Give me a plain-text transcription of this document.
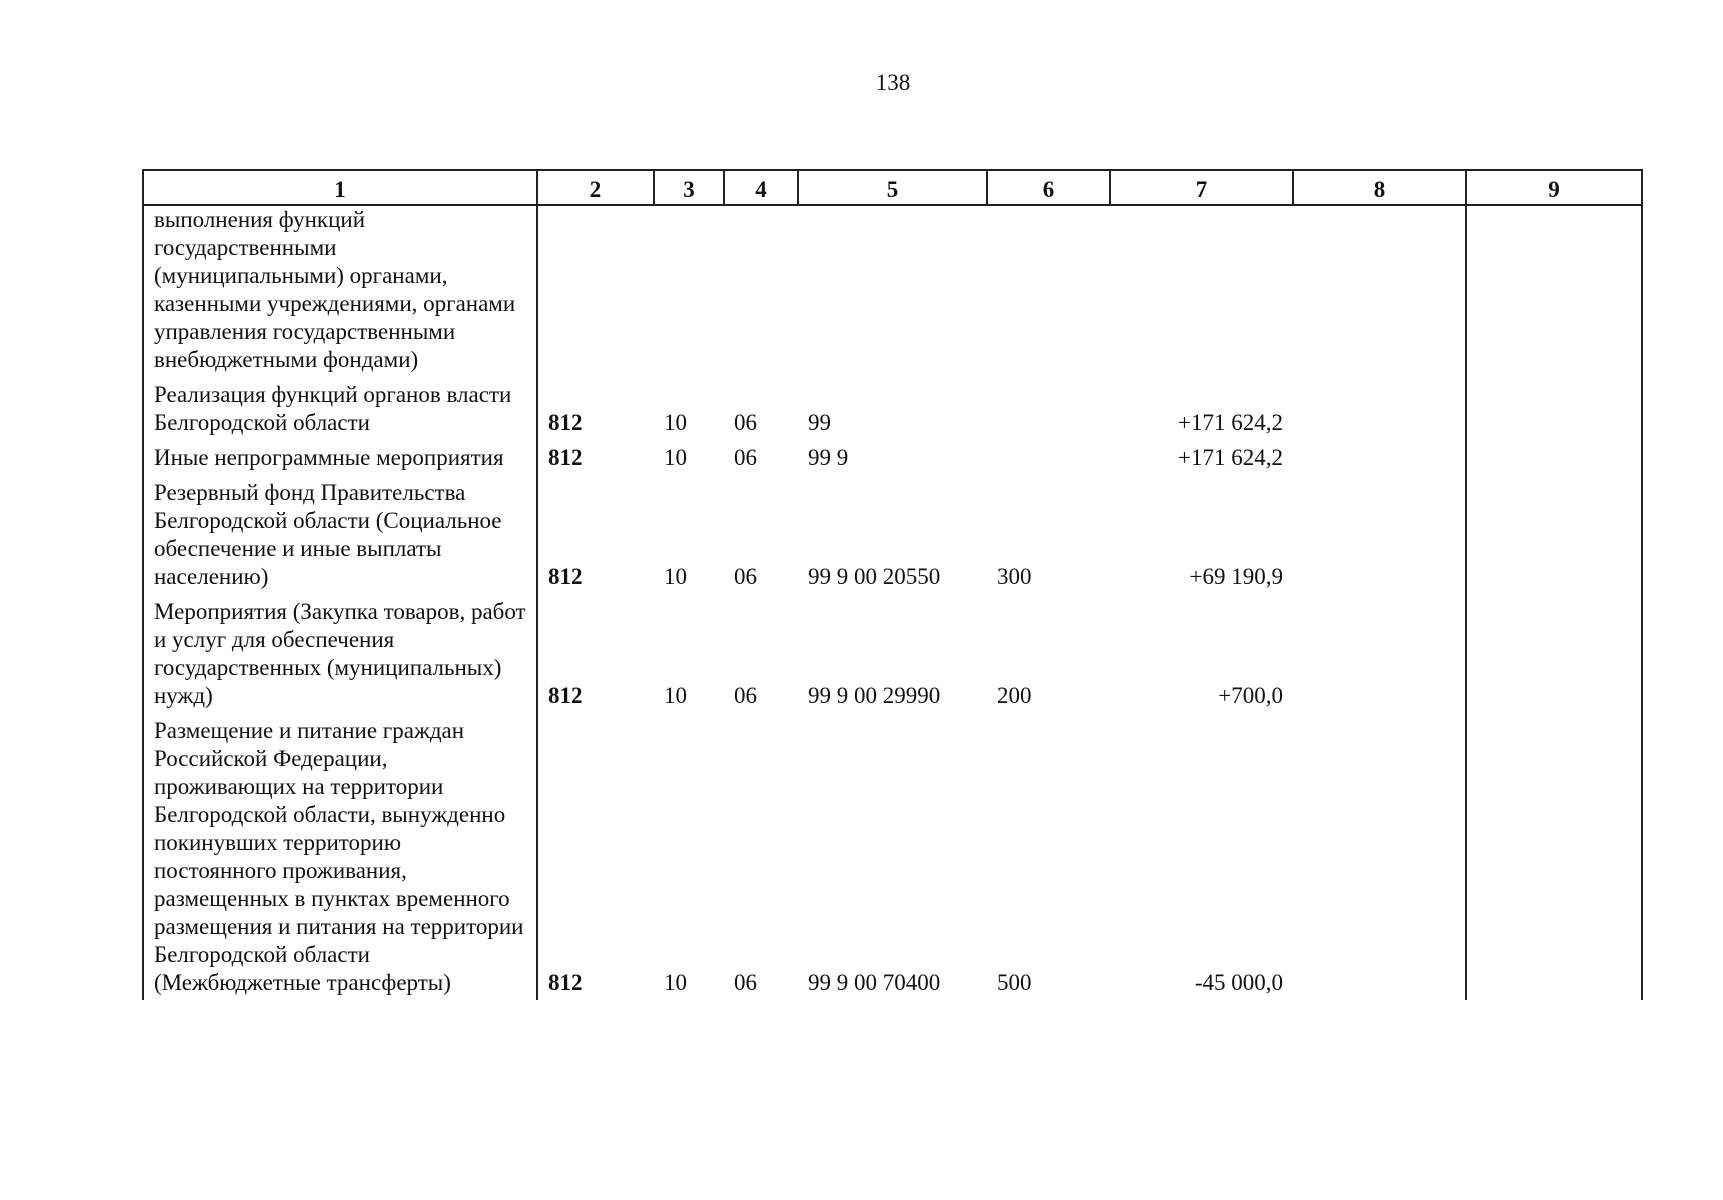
138
1	2	3	4	5	6	7	8	9
выполнения функций государственными (муниципальными) органами, казенными учреждениями, органами управления государственными внебюджетными фондами)								
Реализация функций органов власти Белгородской области	812	10	06	99		+171 624,2		
Иные непрограммные мероприятия	812	10	06	99 9		+171 624,2		
Резервный фонд Правительства Белгородской области (Социальное обеспечение и иные выплаты населению)	812	10	06	99 9 00 20550	300	+69 190,9		
Мероприятия (Закупка товаров, работ и услуг для обеспечения государственных (муниципальных) нужд)	812	10	06	99 9 00 29990	200	+700,0		
Размещение и питание граждан Российской Федерации, проживающих на территории Белгородской области, вынужденно покинувших территорию постоянного проживания, размещенных в пунктах временного размещения и питания на территории Белгородской области (Межбюджетные трансферты)	812	10	06	99 9 00 70400	500	-45 000,0		
